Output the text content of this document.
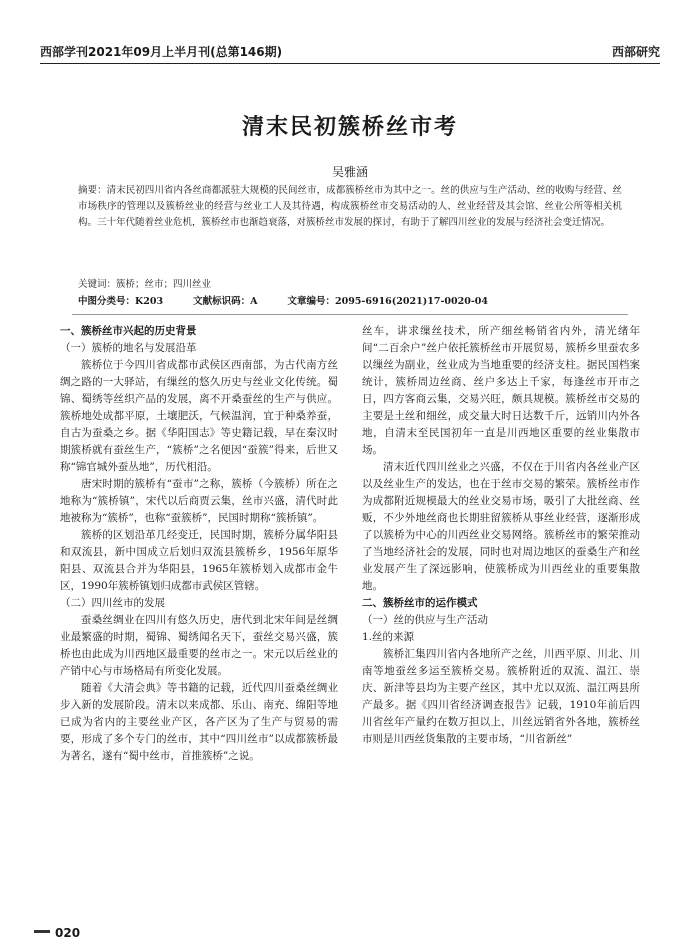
西部学刊2021年09月上半月刊(总第146期)	西部研究
清末民初簇桥丝市考
吴雅涵

摘要：清末民初四川省内各丝商都派驻大规模的民间丝市，成都簇桥丝市为其中之一。丝的供应与生产活动、丝的收购与经营、丝市场秩序的管理以及簇桥丝业的经营与丝业工人及其待遇，构成簇桥丝市交易活动的人、丝业经营及其会馆、丝业公所等相关机构。三十年代随着丝业危机，簇桥丝市也渐趋衰落，对簇桥丝市发展的探讨，有助于了解四川丝业的发展与经济社会变迁情况。

关键词：簇桥；丝市；四川丝业
中图分类号：K203	文献标识码：A	文章编号：2095-6916(2021)17-0020-04
一、簇桥丝市兴起的历史背景
（一）簇桥的地名与发展沿革

簇桥位于今四川省成都市武侯区西南部，为古代南方丝绸之路的一大驿站，有缫丝的悠久历史与丝业文化传统。蜀锦、蜀绣等丝织产品的发展，离不开桑蚕丝的生产与供应。簇桥地处成都平原，土壤肥沃，气候温润，宜于种桑养蚕，自古为蚕桑之乡。据《华阳国志》等史籍记载，早在秦汉时期簇桥就有蚕丝生产，“簇桥”之名便因“蚕簇”得来，后世又称“锦官城外蚕丛地”，历代相沿。

唐宋时期的簇桥有“蚕市”之称，簇桥（今簇桥）所在之地称为“簇桥镇”，宋代以后商贾云集，丝市兴盛，清代时此地被称为“簇桥”，也称“蚕簇桥”，民国时期称“簇桥镇”。

簇桥的区划沿革几经变迁，民国时期，簇桥分属华阳县和双流县，新中国成立后划归双流县簇桥乡，1956年原华阳县、双流县合并为华阳县，1965年簇桥划入成都市金牛区，1990年簇桥镇划归成都市武侯区管辖。

（二）四川丝市的发展

蚕桑丝绸业在四川有悠久历史，唐代到北宋年间是丝绸业最繁盛的时期，蜀锦、蜀绣闻名天下，蚕丝交易兴盛，簇桥也由此成为川西地区最重要的丝市之一。宋元以后丝业的产销中心与市场格局有所变化发展。

随着《大清会典》等书籍的记载，近代四川蚕桑丝绸业步入新的发展阶段。清末以来成都、乐山、南充、绵阳等地已成为省内的主要丝业产区，各产区为了生产与贸易的需要，形成了多个专门的丝市，其中“四川丝市”以成都簇桥最为著名，遂有“蜀中丝市，首推簇桥”之说。

丝车，讲求缫丝技术，所产细丝畅销省内外，清光绪年间“二百余户”丝户依托簇桥丝市开展贸易，簇桥乡里蚕农多以缫丝为副业，丝业成为当地重要的经济支柱。据民国档案统计，簇桥周边丝商、丝户多达上千家，每逢丝市开市之日，四方客商云集，交易兴旺，颇具规模。簇桥丝市交易的主要是土丝和细丝，成交量大时日达数千斤，远销川内外各地，自清末至民国初年一直是川西地区重要的丝业集散市场。

清末近代四川丝业之兴盛，不仅在于川省内各丝业产区以及丝业生产的发达，也在于丝市交易的繁荣。簇桥丝市作为成都附近规模最大的丝业交易市场，吸引了大批丝商、丝贩，不少外地丝商也长期驻留簇桥从事丝业经营，逐渐形成了以簇桥为中心的川西丝业交易网络。簇桥丝市的繁荣推动了当地经济社会的发展，同时也对周边地区的蚕桑生产和丝业发展产生了深远影响，使簇桥成为川西丝业的重要集散地。

二、簇桥丝市的运作模式
（一）丝的供应与生产活动
1.丝的来源

簇桥汇集四川省内各地所产之丝，川西平原、川北、川南等地蚕丝多运至簇桥交易。簇桥附近的双流、温江、崇庆、新津等县均为主要产丝区，其中尤以双流、温江两县所产最多。据《四川省经济调查报告》记载，1910年前后四川省丝年产量约在数万担以上，川丝远销省外各地，簇桥丝市则是川西丝货集散的主要市场，“川省新丝”

020
